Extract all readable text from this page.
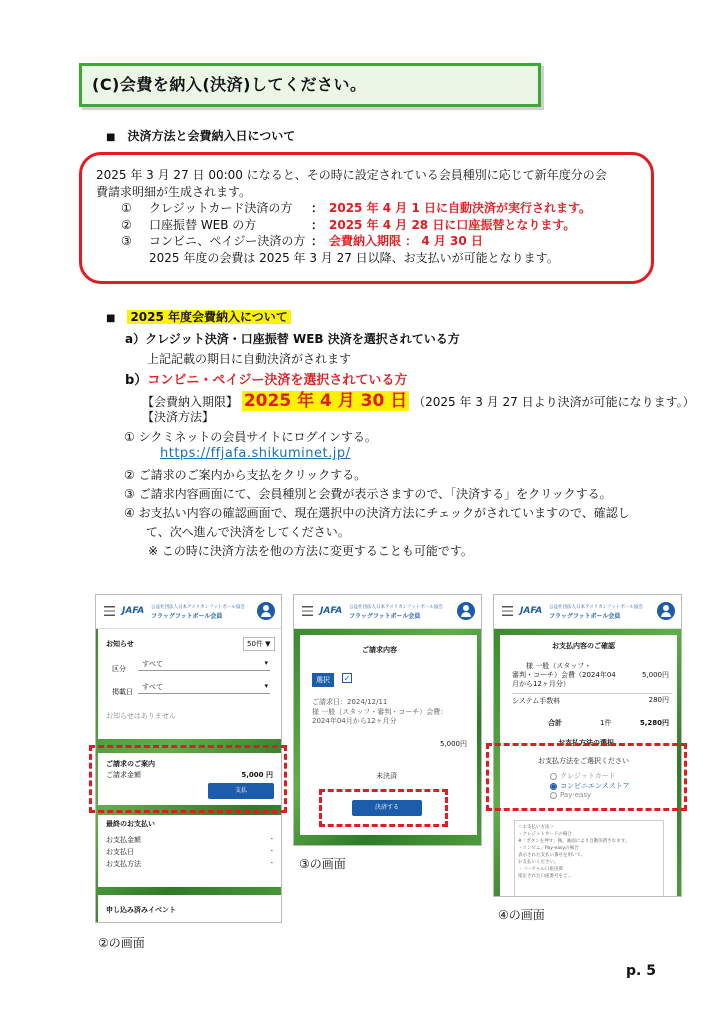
(C)会費を納入(決済)してください。
■ 決済方法と会費納入日について
2025 年 3 月 27 日 00:00 になると、その時に設定されている会員種別に応じて新年度分の会
費請求明細が生成されます。
①	クレジットカード決済の方	： 2025 年 4 月 1 日に自動決済が実行されます。
②	口座振替 WEB の方	： 2025 年 4 月 28 日に口座振替となります。
③	コンビニ、ペイジー決済の方 ： 会費納入期限 ： 4 月 30 日
2025 年度の会費は 2025 年 3 月 27 日以降、お支払いが可能となります。
■ 2025 年度会費納入について
a）クレジット決済・口座振替 WEB 決済を選択されている方
上記記載の期日に自動決済がされます
b）コンビニ・ペイジー決済を選択されている方
【会費納入期限】 2025 年 4 月 30 日 （2025 年 3 月 27 日より決済が可能になります。）
【決済方法】
① シクミネットの会員サイトにログインする。
https://ffjafa.shikuminet.jp/
② ご請求のご案内から支払をクリックする。
③ ご請求内容画面にて、会員種別と会費が表示さますので、「決済する」をクリックする。
④ お支払い内容の確認画面で、現在選択中の決済方法にチェックがされていますので、確認し
て、次へ進んで決済をしてください。
※ この時に決済方法を他の方法に変更することも可能です。
JAFA 公益社団法人日本アメリカンフットボール協会
フラッグフットボール会員
お知らせ	50件 ▼
区分
すべて	▾
掲載日
すべて	▾
お知らせはありません
ご請求のご案内
ご請求金額	5,000 円
支払
最終のお支払い
お支払金額	-
お支払日	-
お支払方法	-
申し込み済みイベント
②の画面
JAFA 公益社団法人日本アメリカンフットボール協会
フラッグフットボール会員
ご請求内容
選択	✓
ご請求日：2024/12/11
様 一般（スタッフ・審判・コーチ）会費：
2024年04月から12ヶ月分
5,000円
未決済
決済する
③の画面
JAFA 公益社団法人日本アメリカンフットボール協会
フラッグフットボール会員
お支払内容のご確認
様 一般（スタッフ・
審判・コーチ）会費（2024年04
月から12ヶ月分）
5,000円
システム手数料	280円
合計	1件	5,280円
お支払方法の選択
お支払方法をご選択ください
クレジットカード
コンビニエンスストア
Pay-easy
＜お支払い方法＞
・クレジットカードの場合
※「ボタンを押す」後、画面により自動決済されます。
・コンビニ／Pay-easyの場合
表示された支払い番号を用いて、
お支払いください。
・バーチャル口座決済
指定された口座番号をご...
④の画面
p. 5
